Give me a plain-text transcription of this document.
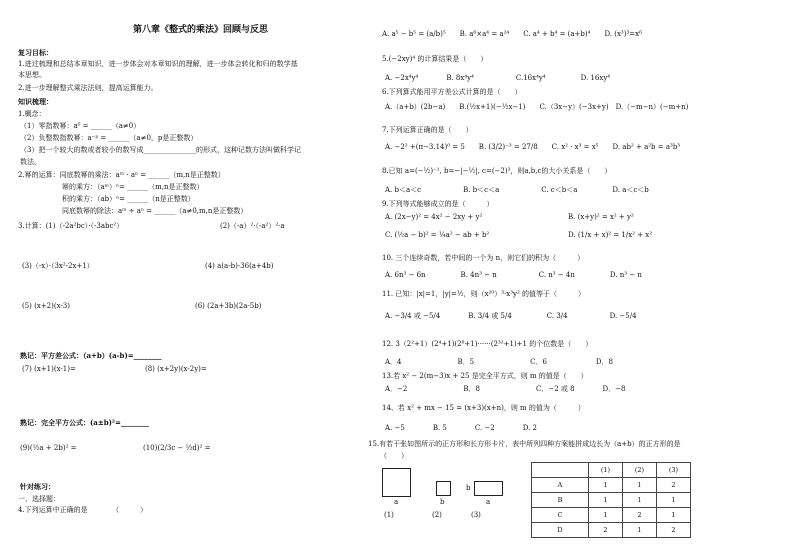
第八章《整式的乘法》回顾与反思
复习目标：
1.进过梳理和总结本章知识，进一步体会对本章知识的理解，进一步体会转化和归的数学基
本思想。
2.进一步理解整式乘法法则，提高运算能力。
知识梳理：
1.概念：
（1）零指数幂：a⁰ = ______（a≠0）
（2）负整数指数幂：a⁻ᵖ = ______（a≠0，p是正整数）
（3）把一个较大的数或者较小的数写成_______________的形式，这种记数方法叫做科学记
数法。
2.幂的运算：同底数幂的乘法：aᵐ · aⁿ = ______（m,n是正整数）
幂的乘方：（aᵐ）ⁿ= ______（m,n是正整数）
积的乘方：（ab）ⁿ= ______（n是正整数）
同底数幂的除法：aᵐ ÷ aⁿ = ______（a≠0,m,n是正整数）
3.计算：(1)（-2a²bc）·（-3abc²）	(2)（-a）²·（-a²）²·a
(3)（-x）·（3x²-2x+1）	(4) a(a-b)-36(a+4b)
(5) (x+2)(x-3)	(6) (2a+3b)(2a-5b)
熟记：平方差公式：（a+b）(a-b)=________
(7) (x+1)(x-1)=	(8) (x+2y)(x-2y)=
熟记：完全平方公式：(a±b)²=________
(9)(½a + 2b)² =	(10)(2/3c − ½d)² =
针对练习：
一、选择题：
4.下列运算中正确的是　　　　（　　　）
A. a⁵ − b⁵ = (a/b)⁵　　B. a⁶×a⁴ = a²⁴　　C. a⁴ + b⁴ = (a+b)⁴　　D. (x³)³=x⁶
5.(−2xy)⁴ 的计算结果是（　　）
A. −2x⁴y⁴　　　　B. 8x⁴y⁴　　　　　　C.16x⁴y⁴　　　　　D. 16xy⁴
6.下列算式能用平方差公式计算的是（　　）
A.（a+b）(2b−a)　　B.(½x+1)(−½x−1)　　C.（3x−y）(−3x+y)　D.（−m−n）(−m+n)
7.下列运算正确的是（　　）
A. −2² +(π−3.14)⁰ = 5　　B. (3/2)⁻³ = 27/8　　C. x² · x³ = x⁵　　D. ab² + a²b = a³b³
8.已知 a=(−½)⁻¹, b=−|−½|, c=(−2)³，则a,b,c的大小关系是（　　）
A. b＜a＜c　　　　　　B. b＜c＜a　　　　　　C. c＜b＜a　　　　　D. a＜c＜b
9.下列等式能够成立的是（　　　）
A. (2x−y)² = 4x² − 2xy + y²	B. (x+y)² = x² + y²
C. (½a − b)² = ¼a² − ab + b²	D. (1/x + x)² = 1/x² + x²
10. 三个连续奇数，若中间的一个为 n，则它们的积为（　　　）
A. 6n³ − 6n　　　　　B. 4n³ − n　　　　　　C. n³ − 4n　　　　　D. n³ − n
11. 已知：|x|=1，|y|=½，则（x²⁰）³·x³y² 的值等于（　　　）
A. −3/4 或 −5/4　　　　B. 3/4 或 5/4　　　　　C. 3/4　　　　　　D. −5/4
12. 3（2²+1）(2⁴+1)(2⁸+1)······(2³²+1)+1 的个位数是（　　）
A．4　　　　　　　　B．5　　　　　　　　C．6　　　　　　　D．8
13.若 x² − 2(m−3)x + 25 是完全平方式，则 m 的值是（　　）
A．−2　　　　　　　　B．8　　　　　　　　C．−2 或 8　　　　D．−8
14、若 x² + mx − 15 = (x+3)(x+n)，则 m 的值为（　　　）
A. −5　　　　B. 5　　　　C. −2　　　　D. 2
15.有若干张如图所示的正方形和长方形卡片，表中所列四种方案能拼成边长为（a+b）的正方形的是
（　　）
a	b
b
a
(1)	(2)	(3)
	(1)	(2)	(3)
A	1	1	2
B	1	1	1
C	1	2	1
D	2	1	2
